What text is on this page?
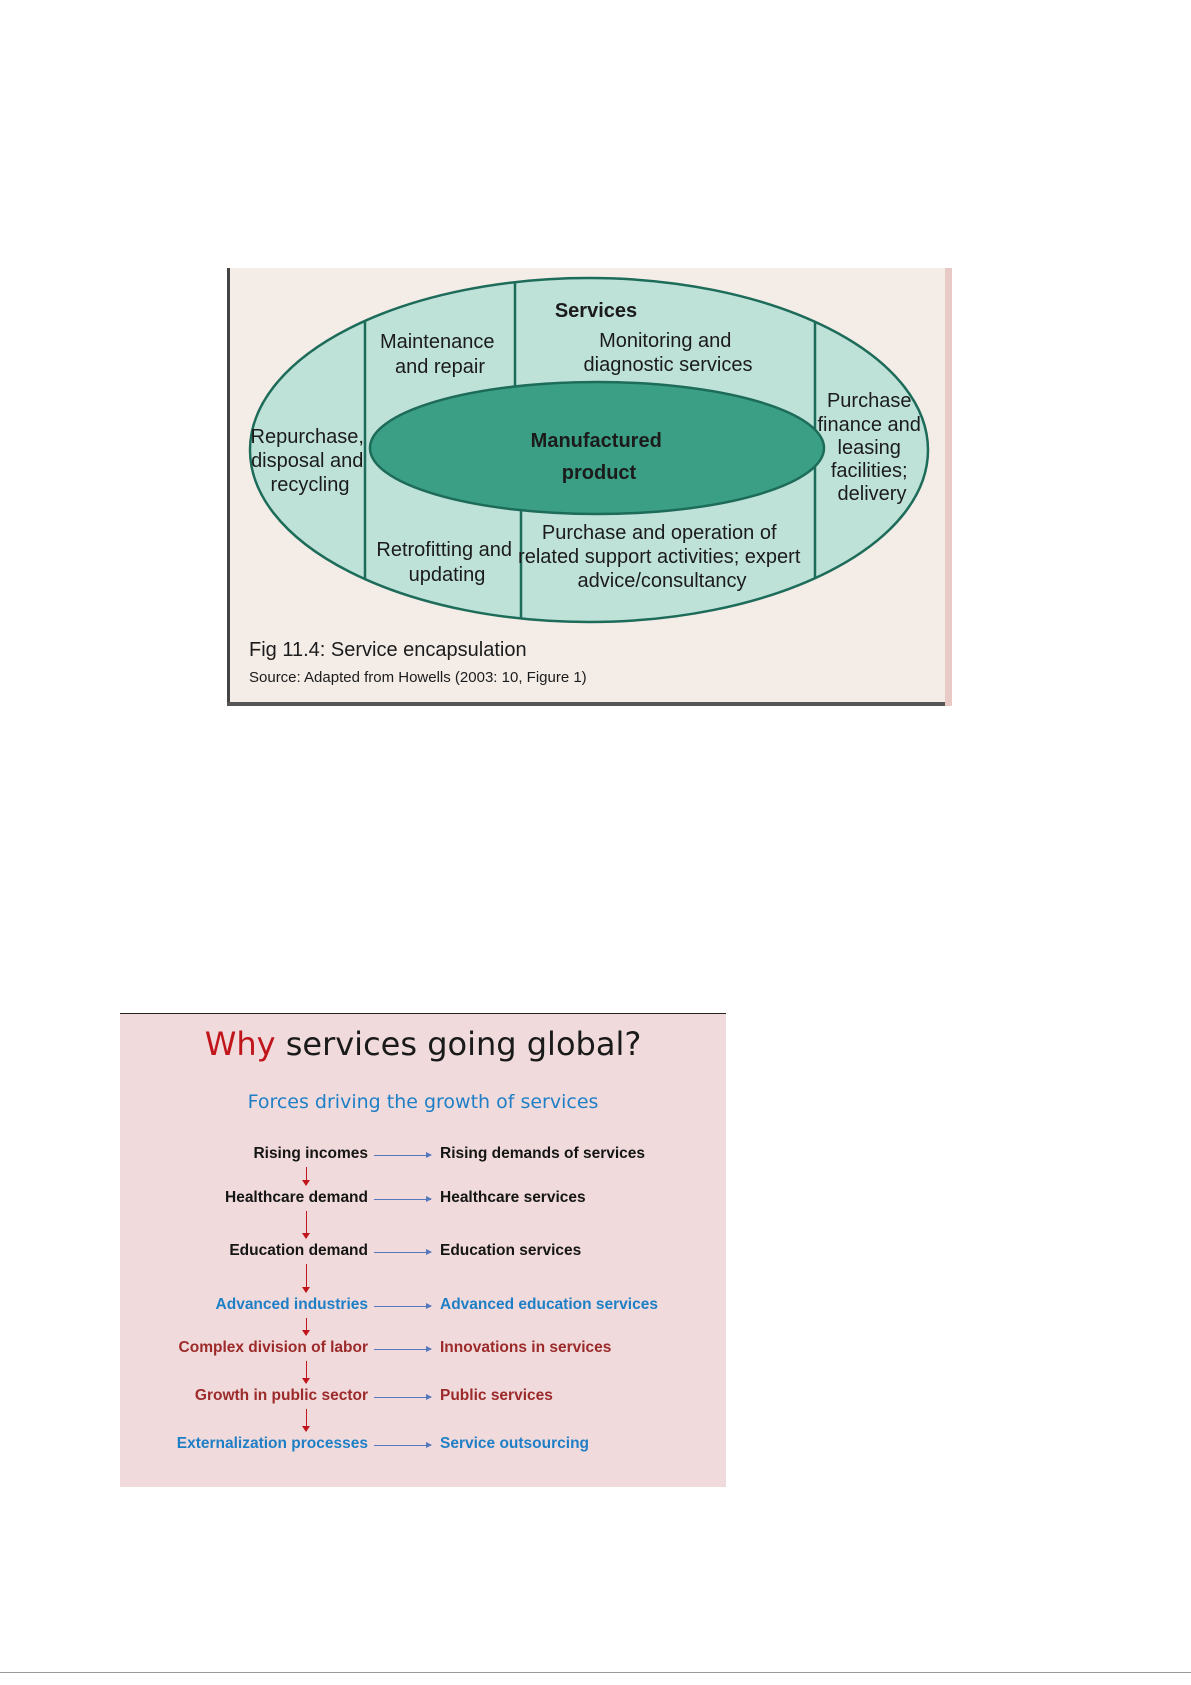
Services
Maintenance and repair
Monitoring and diagnostic services
Repurchase, disposal and recycling
Purchase finance and leasing facilities; delivery
Manufactured product
Retrofitting and updating
Purchase and operation of related support activities; expert advice/consultancy
Fig 11.4: Service encapsulation
Source: Adapted from Howells (2003: 10, Figure 1)
Why services going global?
Forces driving the growth of services
Rising incomes	Rising demands of services
Healthcare demand	Healthcare services
Education demand	Education services
Advanced industries	Advanced education services
Complex division of labor	Innovations in services
Growth in public sector	Public services
Externalization processes	Service outsourcing
